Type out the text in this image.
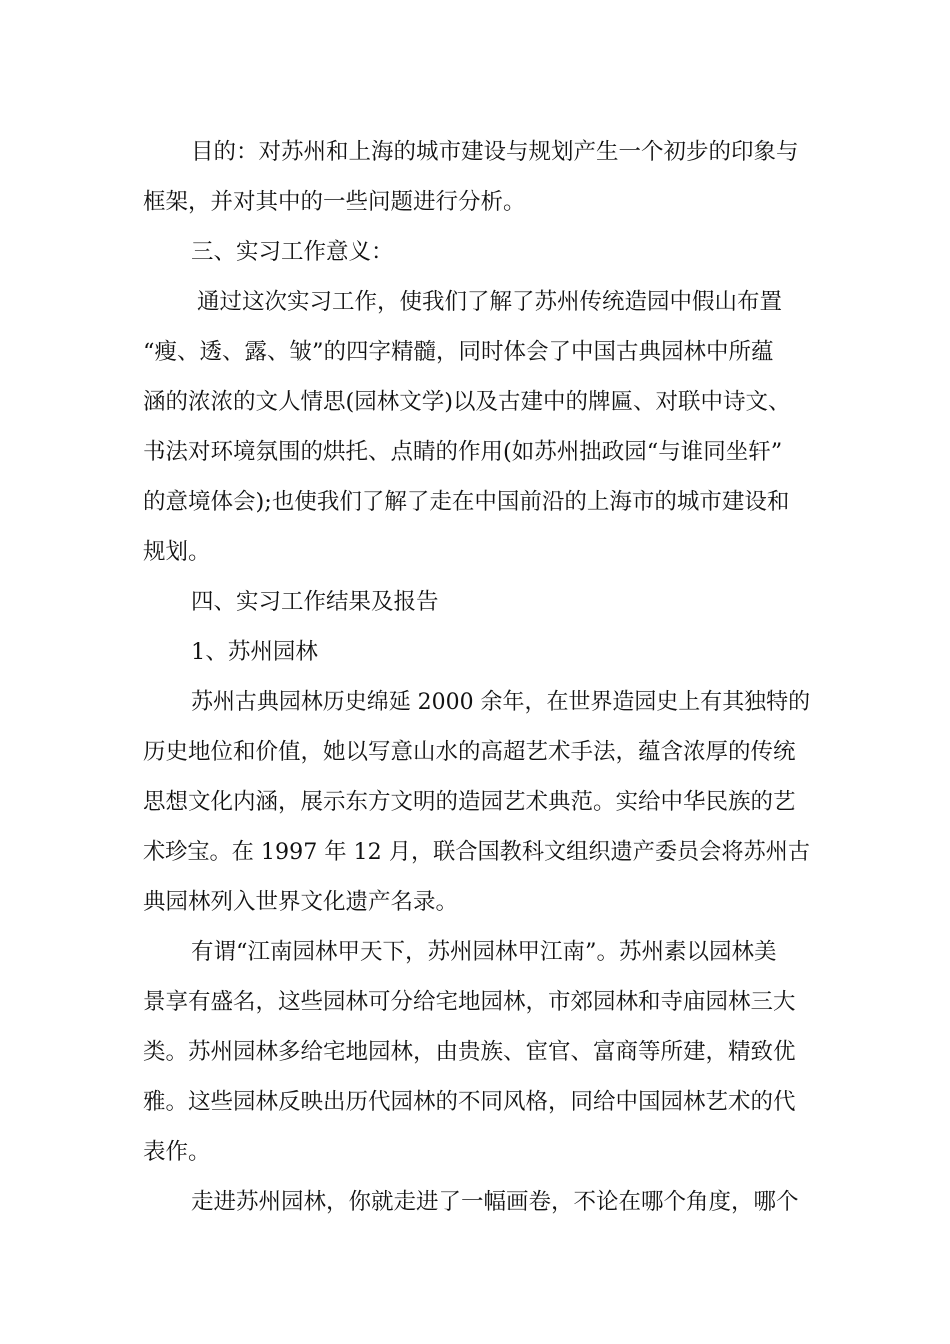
目的：对苏州和上海的城市建设与规划产生一个初步的印象与
框架，并对其中的一些问题进行分析。
三、实习工作意义：
通过这次实习工作，使我们了解了苏州传统造园中假山布置
“瘦、透、露、皱”的四字精髓，同时体会了中国古典园林中所蕴
涵的浓浓的文人情思(园林文学)以及古建中的牌匾、对联中诗文、
书法对环境氛围的烘托、点睛的作用(如苏州拙政园“与谁同坐轩”
的意境体会);也使我们了解了走在中国前沿的上海市的城市建设和
规划。
四、实习工作结果及报告
1、苏州园林
苏州古典园林历史绵延 2000 余年，在世界造园史上有其独特的
历史地位和价值，她以写意山水的高超艺术手法，蕴含浓厚的传统
思想文化内涵，展示东方文明的造园艺术典范。实给中华民族的艺
术珍宝。在 1997 年 12 月，联合国教科文组织遗产委员会将苏州古
典园林列入世界文化遗产名录。
有谓“江南园林甲天下，苏州园林甲江南”。苏州素以园林美
景享有盛名，这些园林可分给宅地园林，市郊园林和寺庙园林三大
类。苏州园林多给宅地园林，由贵族、宦官、富商等所建，精致优
雅。这些园林反映出历代园林的不同风格，同给中国园林艺术的代
表作。
走进苏州园林，你就走进了一幅画卷，不论在哪个角度，哪个
